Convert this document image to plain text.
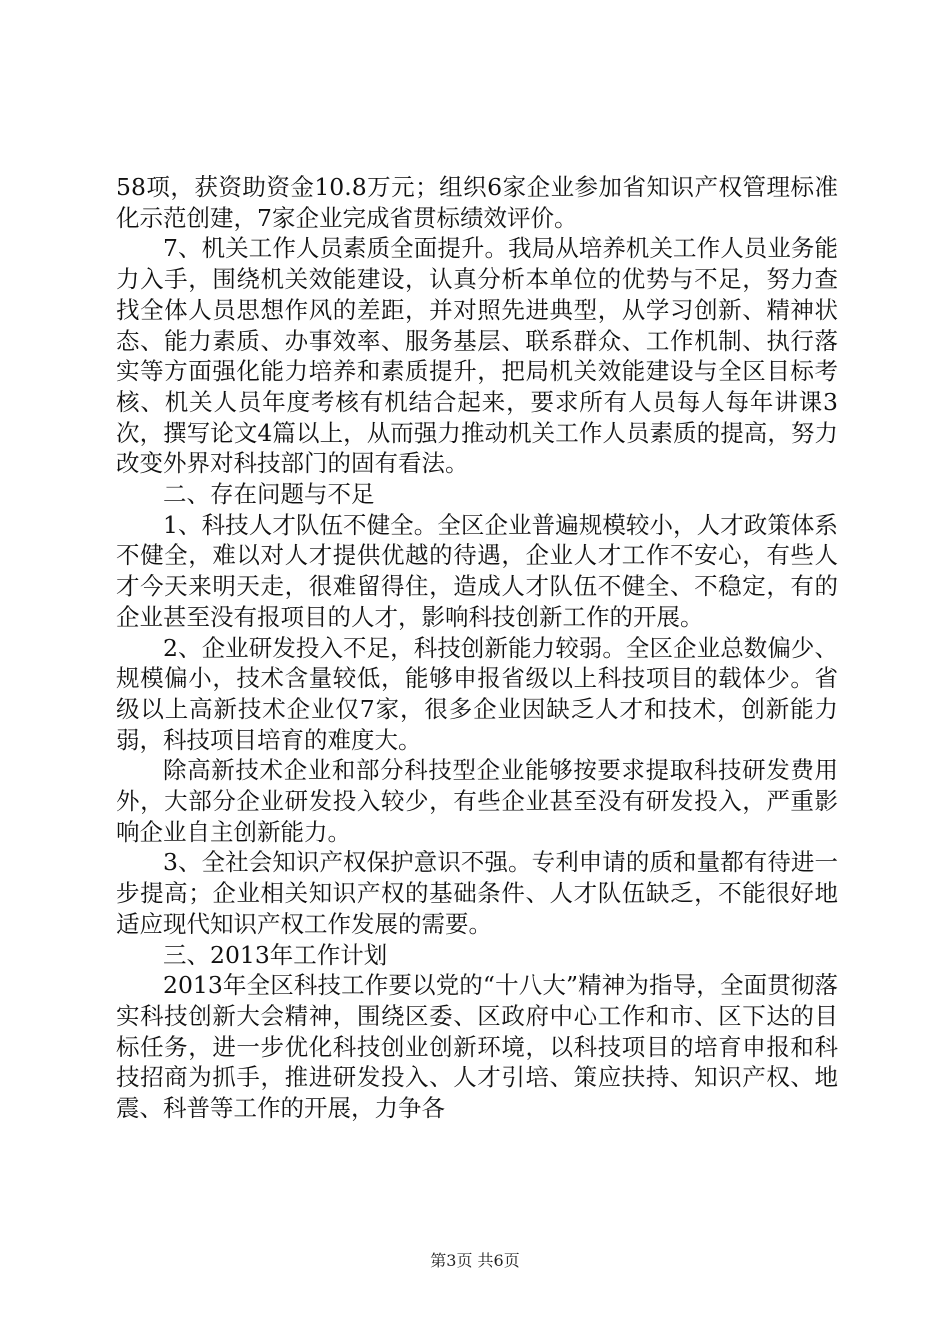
58项，获资助资金10.8万元；组织6家企业参加省知识产权管理标准化示范创建，7家企业完成省贯标绩效评价。

7、机关工作人员素质全面提升。我局从培养机关工作人员业务能力入手，围绕机关效能建设，认真分析本单位的优势与不足，努力查找全体人员思想作风的差距，并对照先进典型，从学习创新、精神状态、能力素质、办事效率、服务基层、联系群众、工作机制、执行落实等方面强化能力培养和素质提升，把局机关效能建设与全区目标考核、机关人员年度考核有机结合起来，要求所有人员每人每年讲课3次，撰写论文4篇以上，从而强力推动机关工作人员素质的提高，努力改变外界对科技部门的固有看法。

二、存在问题与不足

1、科技人才队伍不健全。全区企业普遍规模较小，人才政策体系不健全，难以对人才提供优越的待遇，企业人才工作不安心，有些人才今天来明天走，很难留得住，造成人才队伍不健全、不稳定，有的企业甚至没有报项目的人才，影响科技创新工作的开展。

2、企业研发投入不足，科技创新能力较弱。全区企业总数偏少、规模偏小，技术含量较低，能够申报省级以上科技项目的载体少。省级以上高新技术企业仅7家，很多企业因缺乏人才和技术，创新能力弱，科技项目培育的难度大。

除高新技术企业和部分科技型企业能够按要求提取科技研发费用外，大部分企业研发投入较少，有些企业甚至没有研发投入，严重影响企业自主创新能力。

3、全社会知识产权保护意识不强。专利申请的质和量都有待进一步提高；企业相关知识产权的基础条件、人才队伍缺乏，不能很好地适应现代知识产权工作发展的需要。

三、2013年工作计划

2013年全区科技工作要以党的“十八大”精神为指导，全面贯彻落实科技创新大会精神，围绕区委、区政府中心工作和市、区下达的目标任务，进一步优化科技创业创新环境，以科技项目的培育申报和科技招商为抓手，推进研发投入、人才引培、策应扶持、知识产权、地震、科普等工作的开展，力争各

第3页 共6页
